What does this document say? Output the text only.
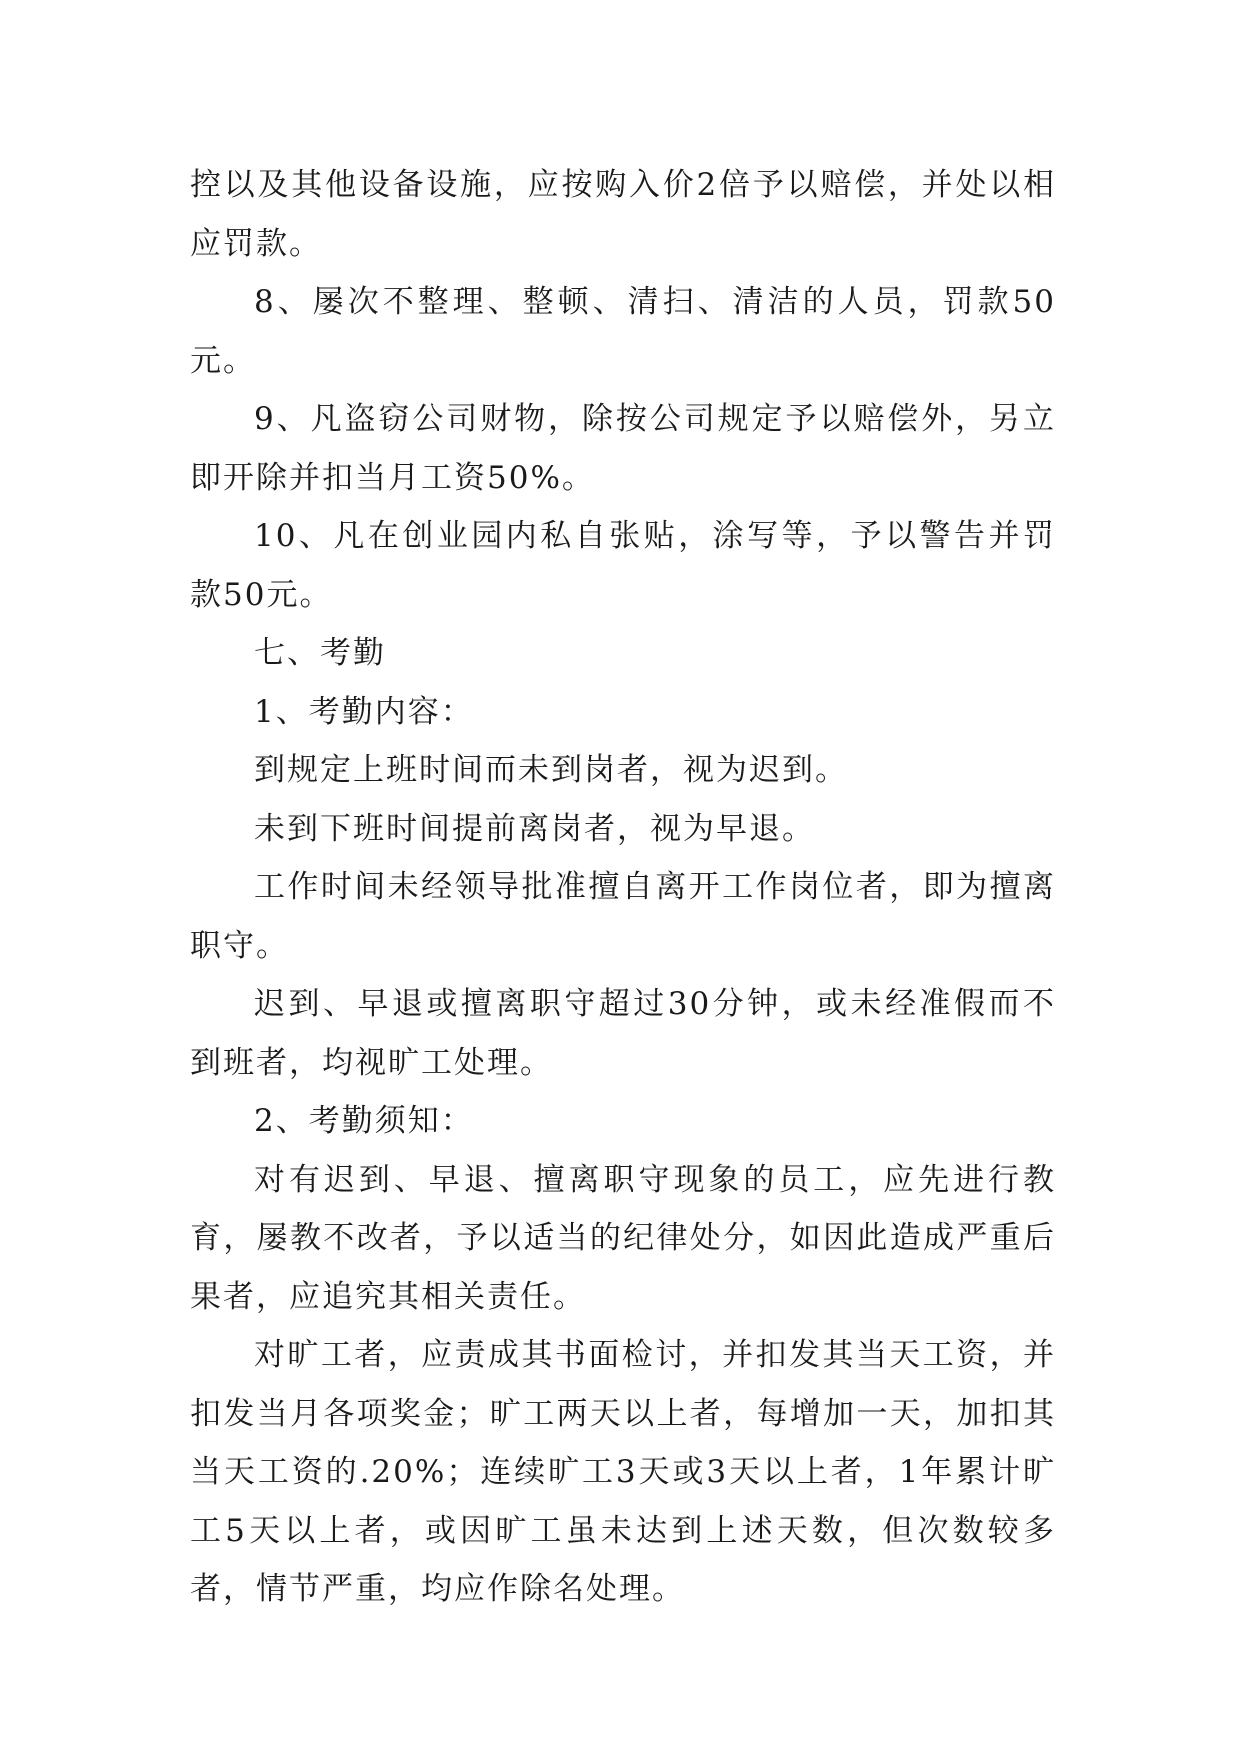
控以及其他设备设施，应按购入价2倍予以赔偿，并处以相应罚款。

8、屡次不整理、整顿、清扫、清洁的人员，罚款50元。

9、凡盗窃公司财物，除按公司规定予以赔偿外，另立即开除并扣当月工资50%。

10、凡在创业园内私自张贴，涂写等，予以警告并罚款50元。

七、考勤

1、考勤内容：

到规定上班时间而未到岗者，视为迟到。

未到下班时间提前离岗者，视为早退。

工作时间未经领导批准擅自离开工作岗位者，即为擅离职守。

迟到、早退或擅离职守超过30分钟，或未经准假而不到班者，均视旷工处理。

2、考勤须知：

对有迟到、早退、擅离职守现象的员工，应先进行教育，屡教不改者，予以适当的纪律处分，如因此造成严重后果者，应追究其相关责任。

对旷工者，应责成其书面检讨，并扣发其当天工资，并扣发当月各项奖金；旷工两天以上者，每增加一天，加扣其当天工资的.20%；连续旷工3天或3天以上者，1年累计旷工5天以上者，或因旷工虽未达到上述天数，但次数较多者，情节严重，均应作除名处理。
